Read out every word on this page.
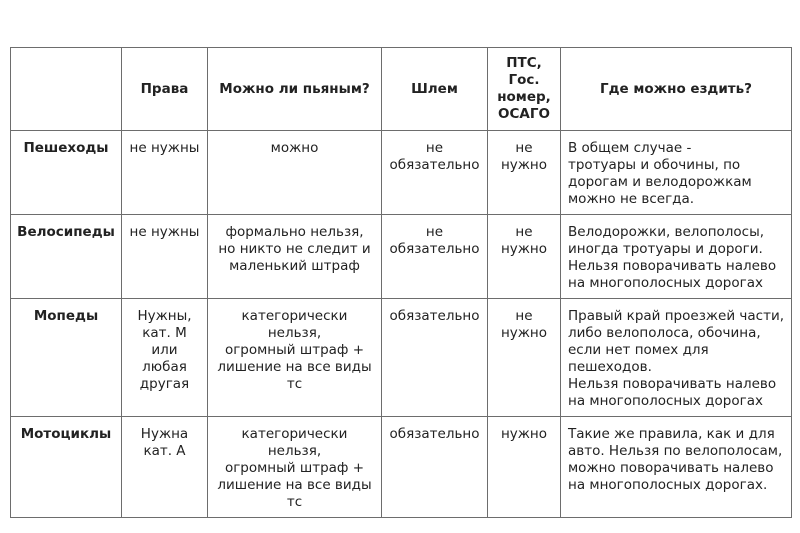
	Права	Можно ли пьяным?	Шлем	ПТС,
Гос.
номер,
ОСАГО	Где можно ездить?

Пешеходы	не нужны	можно	не
обязательно	не
нужно	В общем случае -
тротуары и обочины, по
дорогам и велодорожкам
можно не всегда.

Велосипеды	не нужны	формально нельзя,
но никто не следит и
маленький штраф	не
обязательно	не
нужно	Велодорожки, велополосы,
иногда тротуары и дороги.
Нельзя поворачивать налево
на многополосных дорогах

Мопеды	Нужны,
кат. М
или
любая
другая	категорически нельзя,
огромный штраф +
лишение на все виды
тс	обязательно	не
нужно	Правый край проезжей части,
либо велополоса, обочина,
если нет помех для пешеходов.
Нельзя поворачивать налево
на многополосных дорогах

Мотоциклы	Нужна
кат. А	категорически нельзя,
огромный штраф +
лишение на все виды
тс	обязательно	нужно	Такие же правила, как и для
авто. Нельзя по велополосам,
можно поворачивать налево
на многополосных дорогах.
